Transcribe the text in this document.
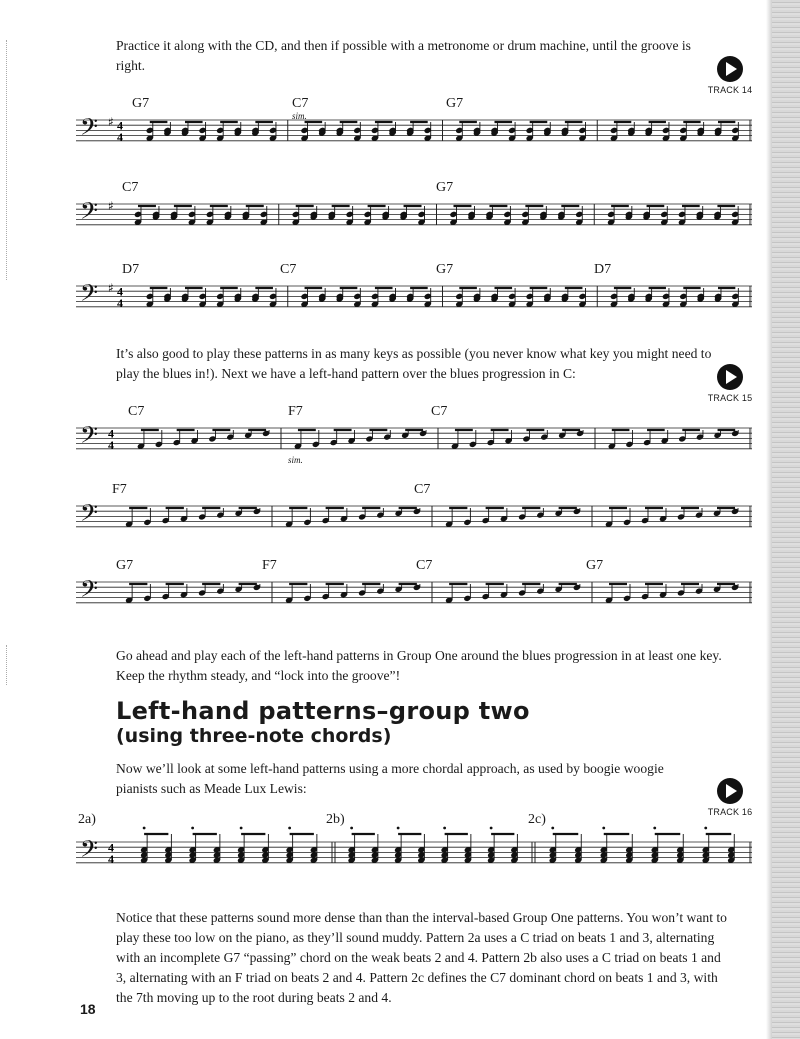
Practice it along with the CD, and then if possible with a metronome or drum machine, until the groove is right.

TRACK 14
G7	C7	G7
sim.
𝄢 ♯ 4
4
C7	G7
𝄢 ♯
D7	C7	G7	D7
𝄢 ♯ 4
4

It’s also good to play these patterns in as many keys as possible (you never know what key you might need to play the blues in!). Next we have a left-hand pattern over the blues progression in C:

TRACK 15
C7	F7	C7
sim.
𝄢 4
4
F7	C7
𝄢
G7	F7	C7	G7
𝄢

Go ahead and play each of the left-hand patterns in Group One around the blues progression in at least one key. Keep the rhythm steady, and “lock into the groove”!

Left-hand patterns–group two
(using three-note chords)

Now we’ll look at some left-hand patterns using a more chordal approach, as used by boogie woogie pianists such as Meade Lux Lewis:

TRACK 16
2a)	2b)	2c)
𝄢 4
4

Notice that these patterns sound more dense than than the interval-based Group One patterns. You won’t want to play these too low on the piano, as they’ll sound muddy. Pattern 2a uses a C triad on beats 1 and 3, alternating with an incomplete G7 “passing” chord on the weak beats 2 and 4. Pattern 2b also uses a C triad on beats 1 and 3, alternating with an F triad on beats 2 and 4. Pattern 2c defines the C7 dominant chord on beats 1 and 3, with the 7th moving up to the root during beats 2 and 4.

18
